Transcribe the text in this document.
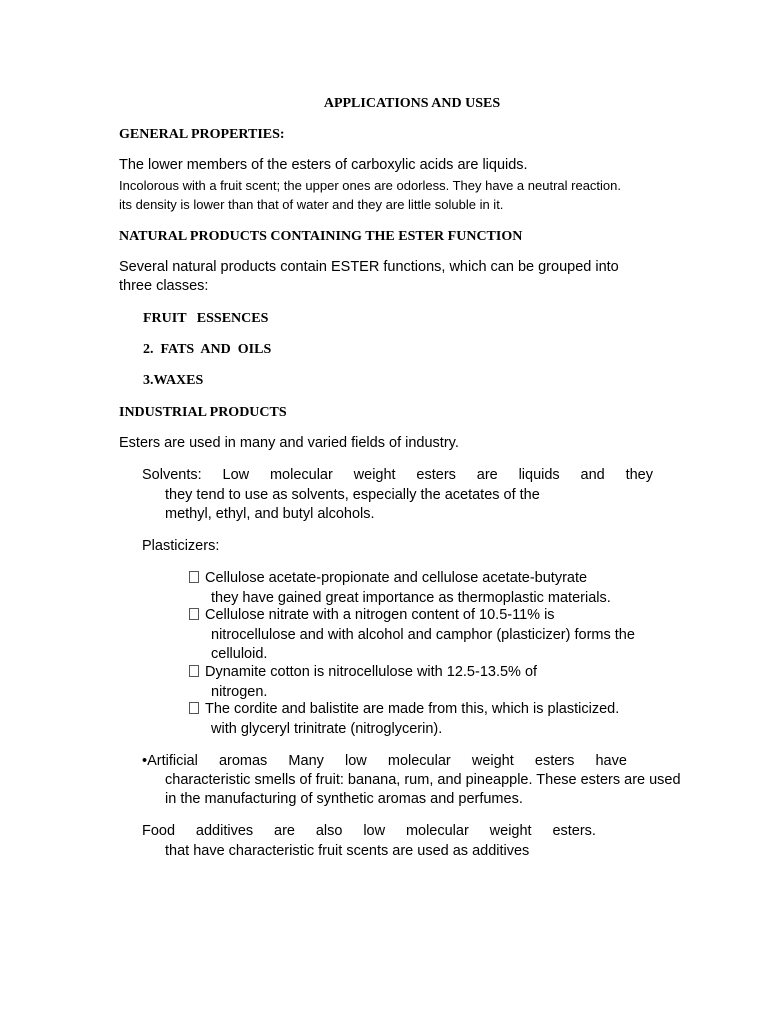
APPLICATIONS AND USES
GENERAL PROPERTIES:
The lower members of the esters of carboxylic acids are liquids.
Incolorous with a fruit scent; the upper ones are odorless. They have a neutral reaction.
its density is lower than that of water and they are little soluble in it.
NATURAL PRODUCTS CONTAINING THE ESTER FUNCTION
Several natural products contain ESTER functions, which can be grouped into
three classes:
FRUIT   ESSENCES
2.  FATS  AND  OILS
3.WAXES
INDUSTRIAL PRODUCTS
Esters are used in many and varied fields of industry.
Solvents: Low molecular weight esters are liquids and they
they tend to use as solvents, especially the acetates of the
methyl, ethyl, and butyl alcohols.
Plasticizers:
Cellulose acetate-propionate and cellulose acetate-butyrate
they have gained great importance as thermoplastic materials.
Cellulose nitrate with a nitrogen content of 10.5-11% is
nitrocellulose and with alcohol and camphor (plasticizer) forms the
celluloid.
Dynamite cotton is nitrocellulose with 12.5-13.5% of
nitrogen.
The cordite and balistite are made from this, which is plasticized.
with glyceryl trinitrate (nitroglycerin).
•Artificial aromas Many low molecular weight esters have
characteristic smells of fruit: banana, rum, and pineapple. These esters are used
in the manufacturing of synthetic aromas and perfumes.
Food additives are also low molecular weight esters.
that have characteristic fruit scents are used as additives
